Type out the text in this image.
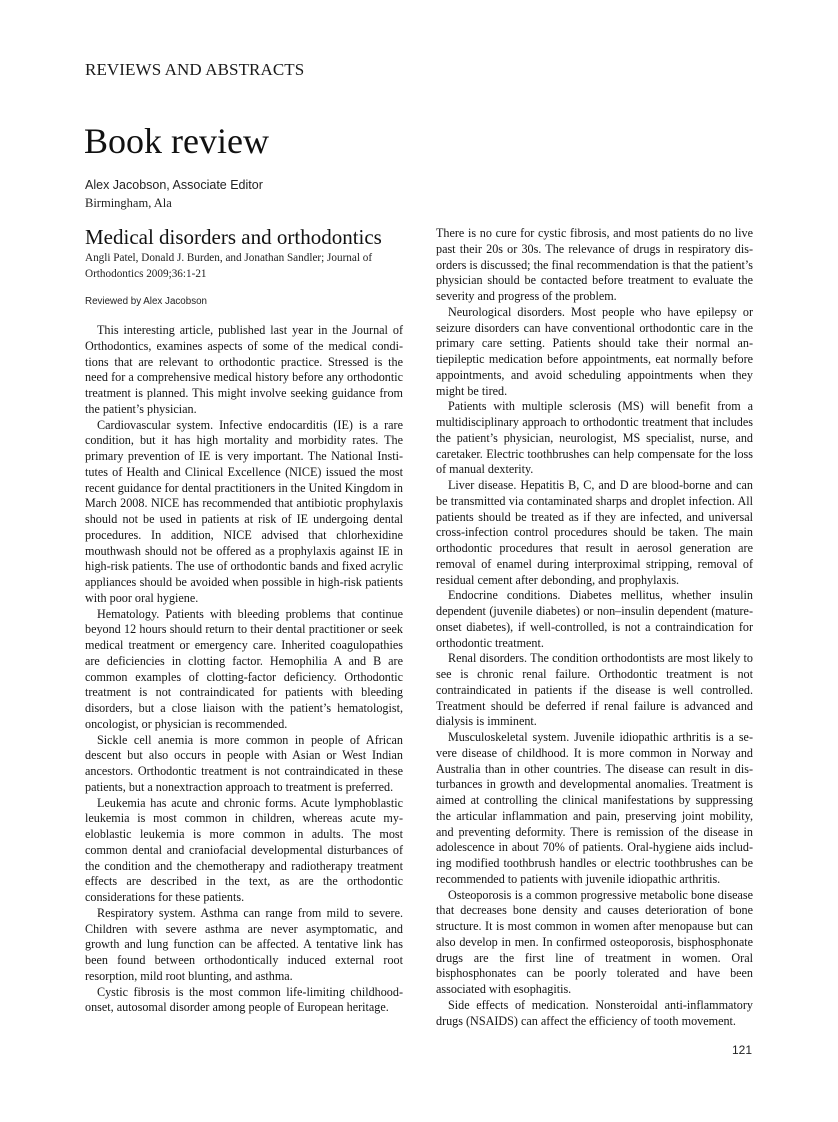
REVIEWS AND ABSTRACTS
Book review
Alex Jacobson, Associate Editor
Birmingham, Ala
Medical disorders and orthodontics
Angli Patel, Donald J. Burden, and Jonathan Sandler; Journal of Orthodontics 2009;36:1-21
Reviewed by Alex Jacobson

This interesting article, published last year in the Journal of Orthodontics, examines aspects of some of the medical conditions that are relevant to orthodontic practice. Stressed is the need for a comprehensive medical history before any orthodontic treatment is planned. This might involve seeking guidance from the patient’s physician.

Cardiovascular system. Infective endocarditis (IE) is a rare condition, but it has high mortality and morbidity rates. The primary prevention of IE is very important. The National Institutes of Health and Clinical Excellence (NICE) issued the most recent guidance for dental practitioners in the United Kingdom in March 2008. NICE has recommended that antibiotic prophylaxis should not be used in patients at risk of IE undergoing dental procedures. In addition, NICE advised that chlorhexidine mouthwash should not be offered as a prophylaxis against IE in high-risk patients. The use of orthodontic bands and fixed acrylic appliances should be avoided when possible in high-risk patients with poor oral hygiene.

Hematology. Patients with bleeding problems that continue beyond 12 hours should return to their dental practitioner or seek medical treatment or emergency care. Inherited coagulopathies are deficiencies in clotting factor. Hemophilia A and B are common examples of clotting-factor deficiency. Orthodontic treatment is not contraindicated for patients with bleeding disorders, but a close liaison with the patient’s hematologist, oncologist, or physician is recommended.

Sickle cell anemia is more common in people of African descent but also occurs in people with Asian or West Indian ancestors. Orthodontic treatment is not contraindicated in these patients, but a nonextraction approach to treatment is preferred.

Leukemia has acute and chronic forms. Acute lymphoblastic leukemia is most common in children, whereas acute myeloblastic leukemia is more common in adults. The most common dental and craniofacial developmental disturbances of the condition and the chemotherapy and radiotherapy treatment effects are described in the text, as are the orthodontic considerations for these patients.

Respiratory system. Asthma can range from mild to severe. Children with severe asthma are never asymptomatic, and growth and lung function can be affected. A tentative link has been found between orthodontically induced external root resorption, mild root blunting, and asthma.

Cystic fibrosis is the most common life-limiting childhood-onset, autosomal disorder among people of European heritage.

There is no cure for cystic fibrosis, and most patients do no live past their 20s or 30s. The relevance of drugs in respiratory disorders is discussed; the final recommendation is that the patient’s physician should be contacted before treatment to evaluate the severity and progress of the problem.

Neurological disorders. Most people who have epilepsy or seizure disorders can have conventional orthodontic care in the primary care setting. Patients should take their normal antiepileptic medication before appointments, eat normally before appointments, and avoid scheduling appointments when they might be tired.

Patients with multiple sclerosis (MS) will benefit from a multidisciplinary approach to orthodontic treatment that includes the patient’s physician, neurologist, MS specialist, nurse, and caretaker. Electric toothbrushes can help compensate for the loss of manual dexterity.

Liver disease. Hepatitis B, C, and D are blood-borne and can be transmitted via contaminated sharps and droplet infection. All patients should be treated as if they are infected, and universal cross-infection control procedures should be taken. The main orthodontic procedures that result in aerosol generation are removal of enamel during interproximal stripping, removal of residual cement after debonding, and prophylaxis.

Endocrine conditions. Diabetes mellitus, whether insulin dependent (juvenile diabetes) or non–insulin dependent (mature-onset diabetes), if well-controlled, is not a contraindication for orthodontic treatment.

Renal disorders. The condition orthodontists are most likely to see is chronic renal failure. Orthodontic treatment is not contraindicated in patients if the disease is well controlled. Treatment should be deferred if renal failure is advanced and dialysis is imminent.

Musculoskeletal system. Juvenile idiopathic arthritis is a severe disease of childhood. It is more common in Norway and Australia than in other countries. The disease can result in disturbances in growth and developmental anomalies. Treatment is aimed at controlling the clinical manifestations by suppressing the articular inflammation and pain, preserving joint mobility, and preventing deformity. There is remission of the disease in adolescence in about 70% of patients. Oral-hygiene aids including modified toothbrush handles or electric toothbrushes can be recommended to patients with juvenile idiopathic arthritis.

Osteoporosis is a common progressive metabolic bone disease that decreases bone density and causes deterioration of bone structure. It is most common in women after menopause but can also develop in men. In confirmed osteoporosis, bisphosphonate drugs are the first line of treatment in women. Oral bisphosphonates can be poorly tolerated and have been associated with esophagitis.

Side effects of medication. Nonsteroidal anti-inflammatory drugs (NSAIDS) can affect the efficiency of tooth movement.

121
